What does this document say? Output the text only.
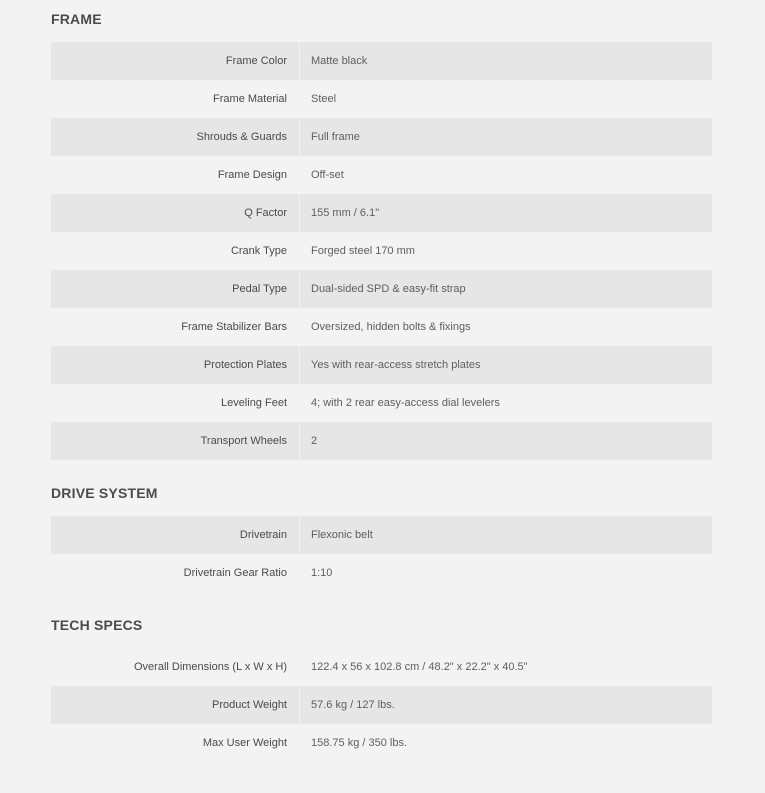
FRAME
Frame Color	Matte black
Frame Material	Steel
Shrouds & Guards	Full frame
Frame Design	Off-set
Q Factor	155 mm / 6.1"
Crank Type	Forged steel 170 mm
Pedal Type	Dual-sided SPD & easy-fit strap
Frame Stabilizer Bars	Oversized, hidden bolts & fixings
Protection Plates	Yes with rear-access stretch plates
Leveling Feet	4; with 2 rear easy-access dial levelers
Transport Wheels	2
DRIVE SYSTEM
Drivetrain	Flexonic belt
Drivetrain Gear Ratio	1:10
TECH SPECS
Overall Dimensions (L x W x H)	122.4 x 56 x 102.8 cm / 48.2" x 22.2" x 40.5"
Product Weight	57.6 kg / 127 lbs.
Max User Weight	158.75 kg / 350 lbs.
